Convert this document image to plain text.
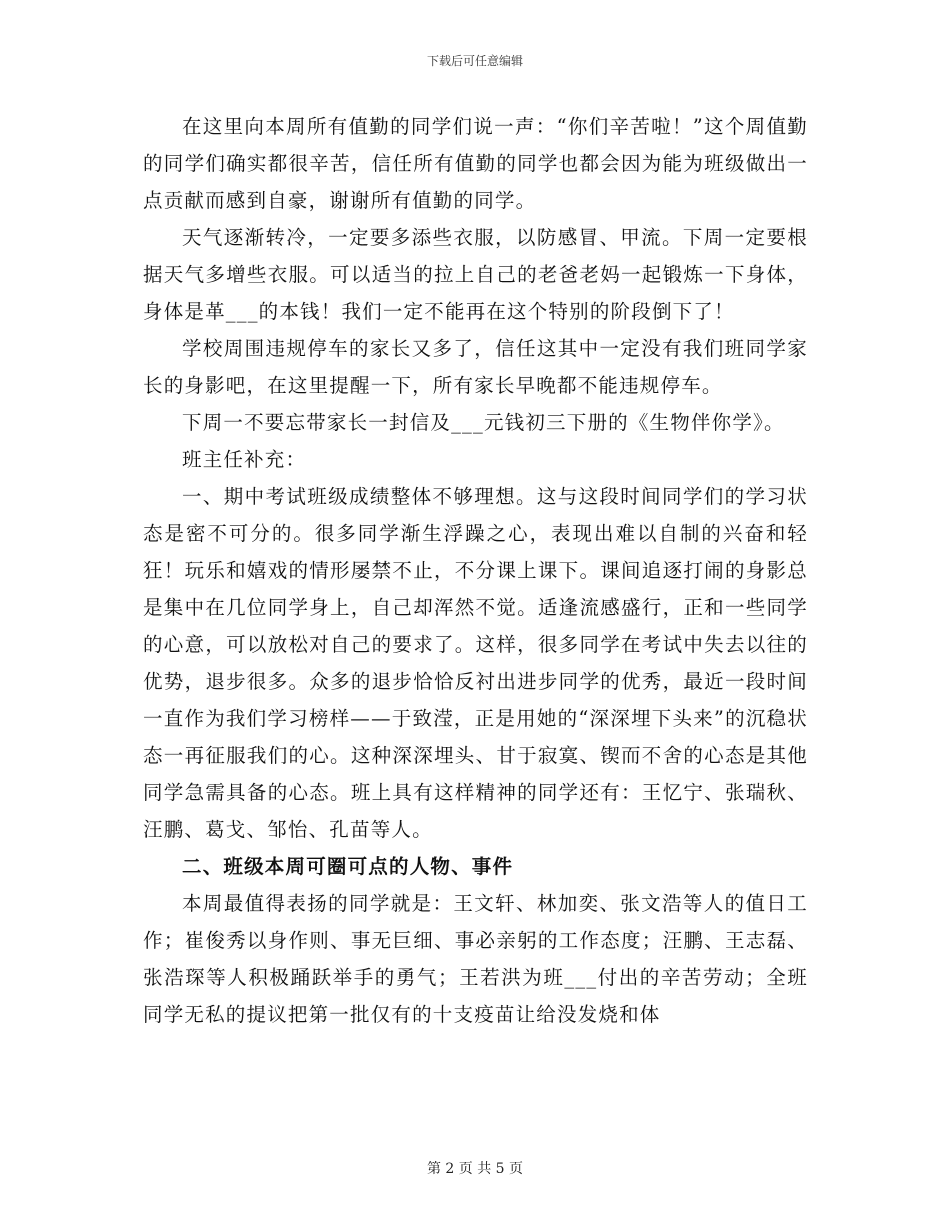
下载后可任意编辑

在这里向本周所有值勤的同学们说一声：“你们辛苦啦！”这个周值勤的同学们确实都很辛苦，信任所有值勤的同学也都会因为能为班级做出一点贡献而感到自豪，谢谢所有值勤的同学。

天气逐渐转冷，一定要多添些衣服，以防感冒、甲流。下周一定要根据天气多增些衣服。可以适当的拉上自己的老爸老妈一起锻炼一下身体，身体是革___的本钱！我们一定不能再在这个特别的阶段倒下了！

学校周围违规停车的家长又多了，信任这其中一定没有我们班同学家长的身影吧，在这里提醒一下，所有家长早晚都不能违规停车。

下周一不要忘带家长一封信及___元钱初三下册的《生物伴你学》。

班主任补充：

一、期中考试班级成绩整体不够理想。这与这段时间同学们的学习状态是密不可分的。很多同学渐生浮躁之心，表现出难以自制的兴奋和轻狂！玩乐和嬉戏的情形屡禁不止，不分课上课下。课间追逐打闹的身影总是集中在几位同学身上，自己却浑然不觉。适逢流感盛行，正和一些同学的心意，可以放松对自己的要求了。这样，很多同学在考试中失去以往的优势，退步很多。众多的退步恰恰反衬出进步同学的优秀，最近一段时间一直作为我们学习榜样——于致滢，正是用她的“深深埋下头来”的沉稳状态一再征服我们的心。这种深深埋头、甘于寂寞、锲而不舍的心态是其他同学急需具备的心态。班上具有这样精神的同学还有：王忆宁、张瑞秋、汪鹏、葛戈、邹怡、孔苗等人。

二、班级本周可圈可点的人物、事件

本周最值得表扬的同学就是：王文轩、林加奕、张文浩等人的值日工作；崔俊秀以身作则、事无巨细、事必亲躬的工作态度；汪鹏、王志磊、张浩琛等人积极踊跃举手的勇气；王若洪为班___付出的辛苦劳动；全班同学无私的提议把第一批仅有的十支疫苗让给没发烧和体

第 2 页 共 5 页
